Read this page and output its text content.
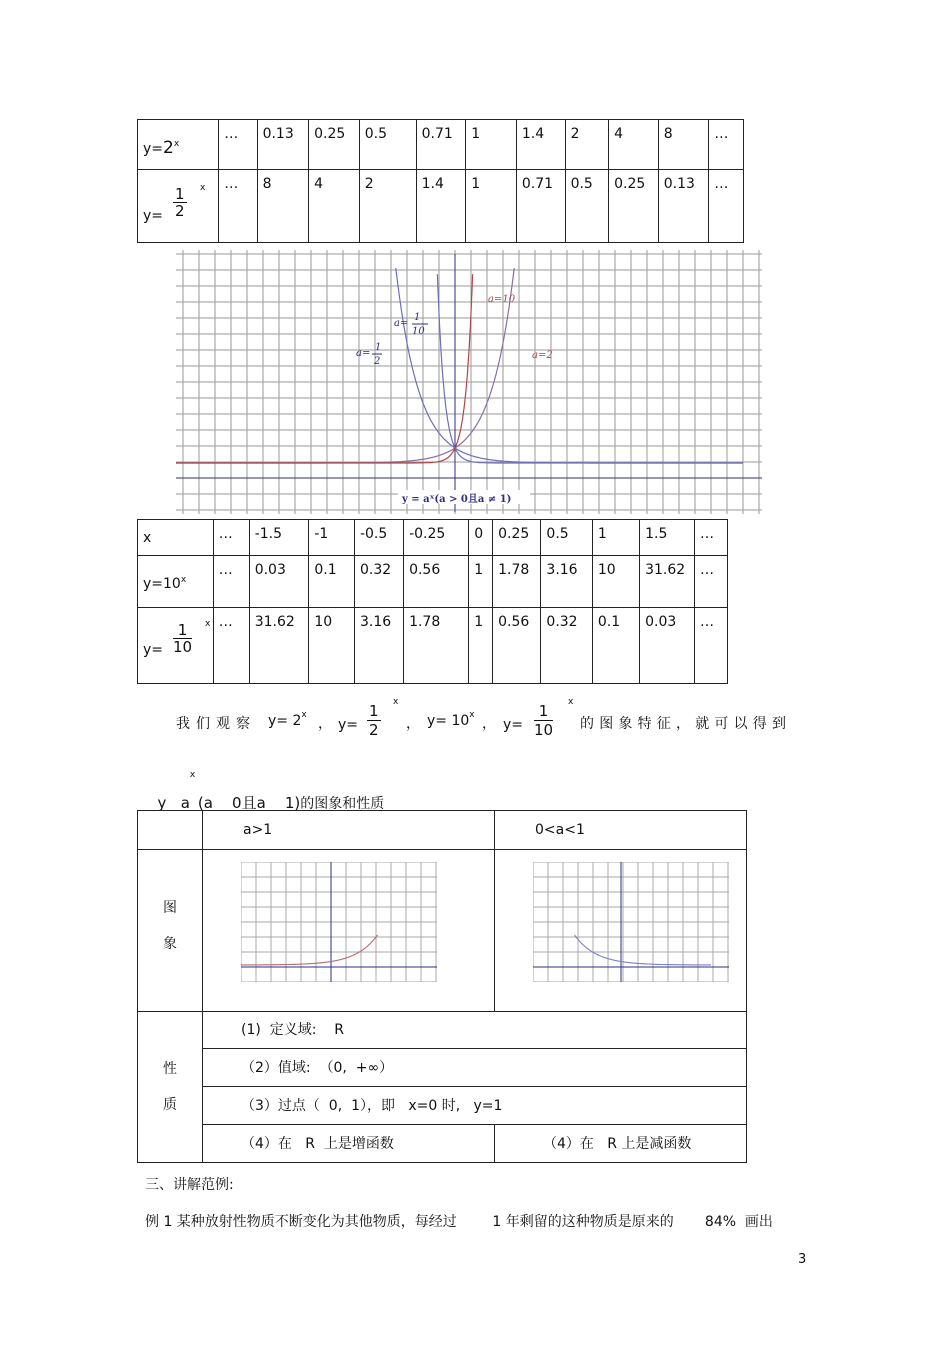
y=2 x	…	0.13	0.25	0.5	0.71	1	1.4	2	4	8	…

$y= \frac{1}{2}$ x	…	8	4	2	1.4	1	0.71	0.5	0.25	0.13	…
a=
1
10
a=
1
2
a=10
a=2
y = aˣ(a > 0且a ≠ 1)
x	…	-1.5	-1	-0.5	-0.25	0	0.25	0.5	1	1.5	…

y=10 x	…	0.03	0.1	0.32	0.56	1	1.78	3.16	10	31.62	…

$y= \frac{1}{10}$ x	…	31.62	10	3.16	1.78	1	0.56	0.32	0.1	0.03	…
我们观察 y= 2 x
， $y= \frac{1}{2}$ x
， y= 10 x
， $y= \frac{1}{10}$ x
的图象特征，就可以得到

y   a
x
(a    0且a    1)的图象和性质

	a>1	0<a<1

图
象

性
质	(1)  定义域:    R	
	（2）值域:  （0,  +∞）	
	（3）过点（  0,  1），即   x=0 时,   y=1	
	（4）在   R  上是增函数	（4）在   R 上是减函数
三、讲解范例:
例 1 某种放射性物质不断变化为其他物质，每经过        1 年剩留的这种物质是原来的       84%  画出
3
